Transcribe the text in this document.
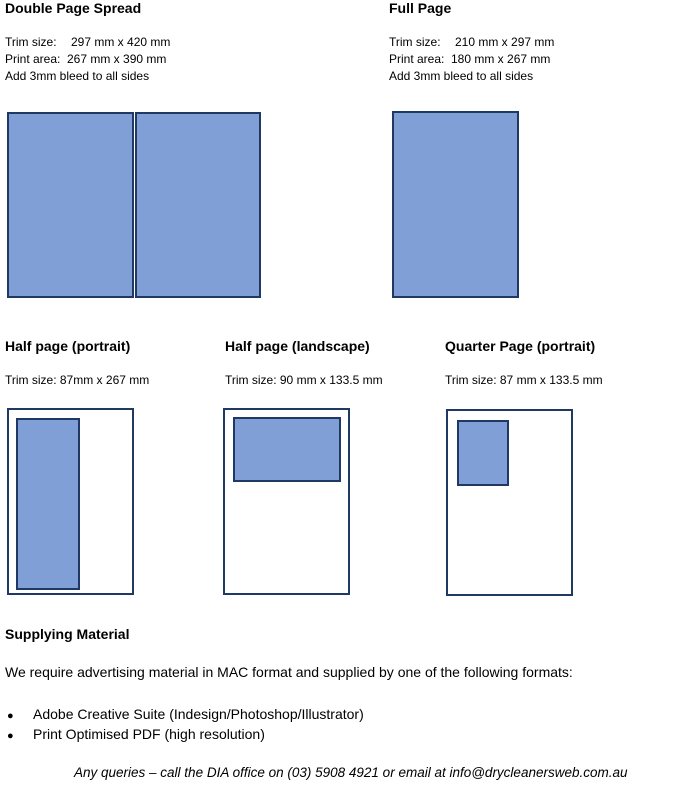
Double Page Spread
Trim size: 297 mm x 420 mm
Print area: 267 mm x 390 mm
Add 3mm bleed to all sides
Full Page
Trim size: 210 mm x 297 mm
Print area: 180 mm x 267 mm
Add 3mm bleed to all sides
Half page (portrait)
Trim size: 87mm x 267 mm
Half page (landscape)
Trim size: 90 mm x 133.5 mm
Quarter Page (portrait)
Trim size: 87 mm x 133.5 mm
Supplying Material
We require advertising material in MAC format and supplied by one of the following formats:
● Adobe Creative Suite (Indesign/Photoshop/Illustrator)
● Print Optimised PDF (high resolution)
Any queries – call the DIA office on (03) 5908 4921 or email at info@drycleanersweb.com.au
